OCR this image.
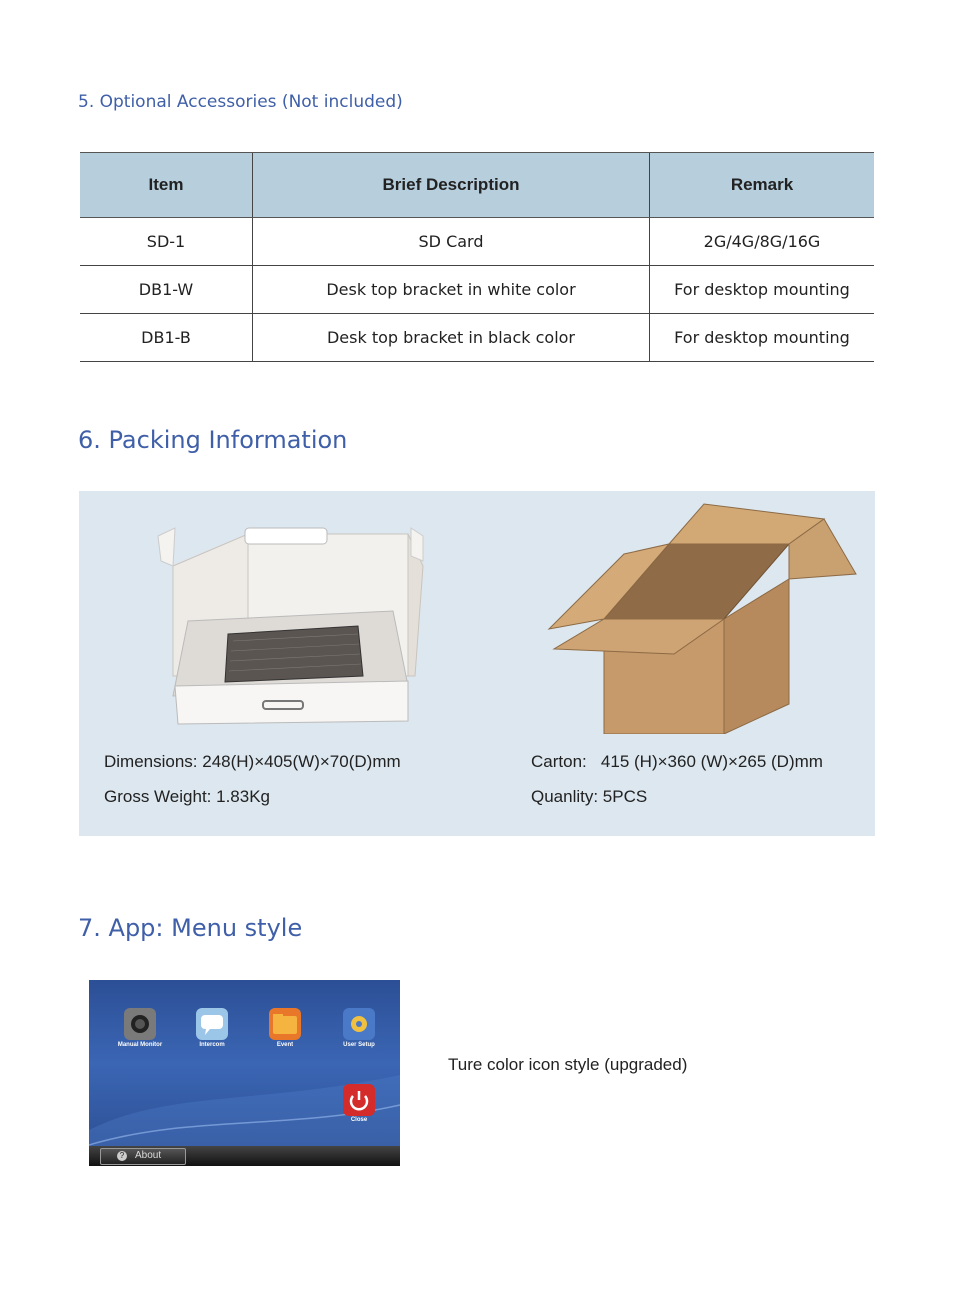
5. Optional Accessories (Not included)
Item	Brief Description	Remark
SD-1	SD Card	2G/4G/8G/16G
DB1-W	Desk top bracket in white color	For desktop mounting
DB1-B	Desk top bracket in black color	For desktop mounting
6. Packing Information
Dimensions: 248(H)×405(W)×70(D)mm
Gross Weight: 1.83Kg
Carton:   415 (H)×360 (W)×265 (D)mm
Quanlity: 5PCS
7. App: Menu style
Manual Monitor	Intercom	Event	User Setup
Close
? About
Ture color icon style (upgraded)
